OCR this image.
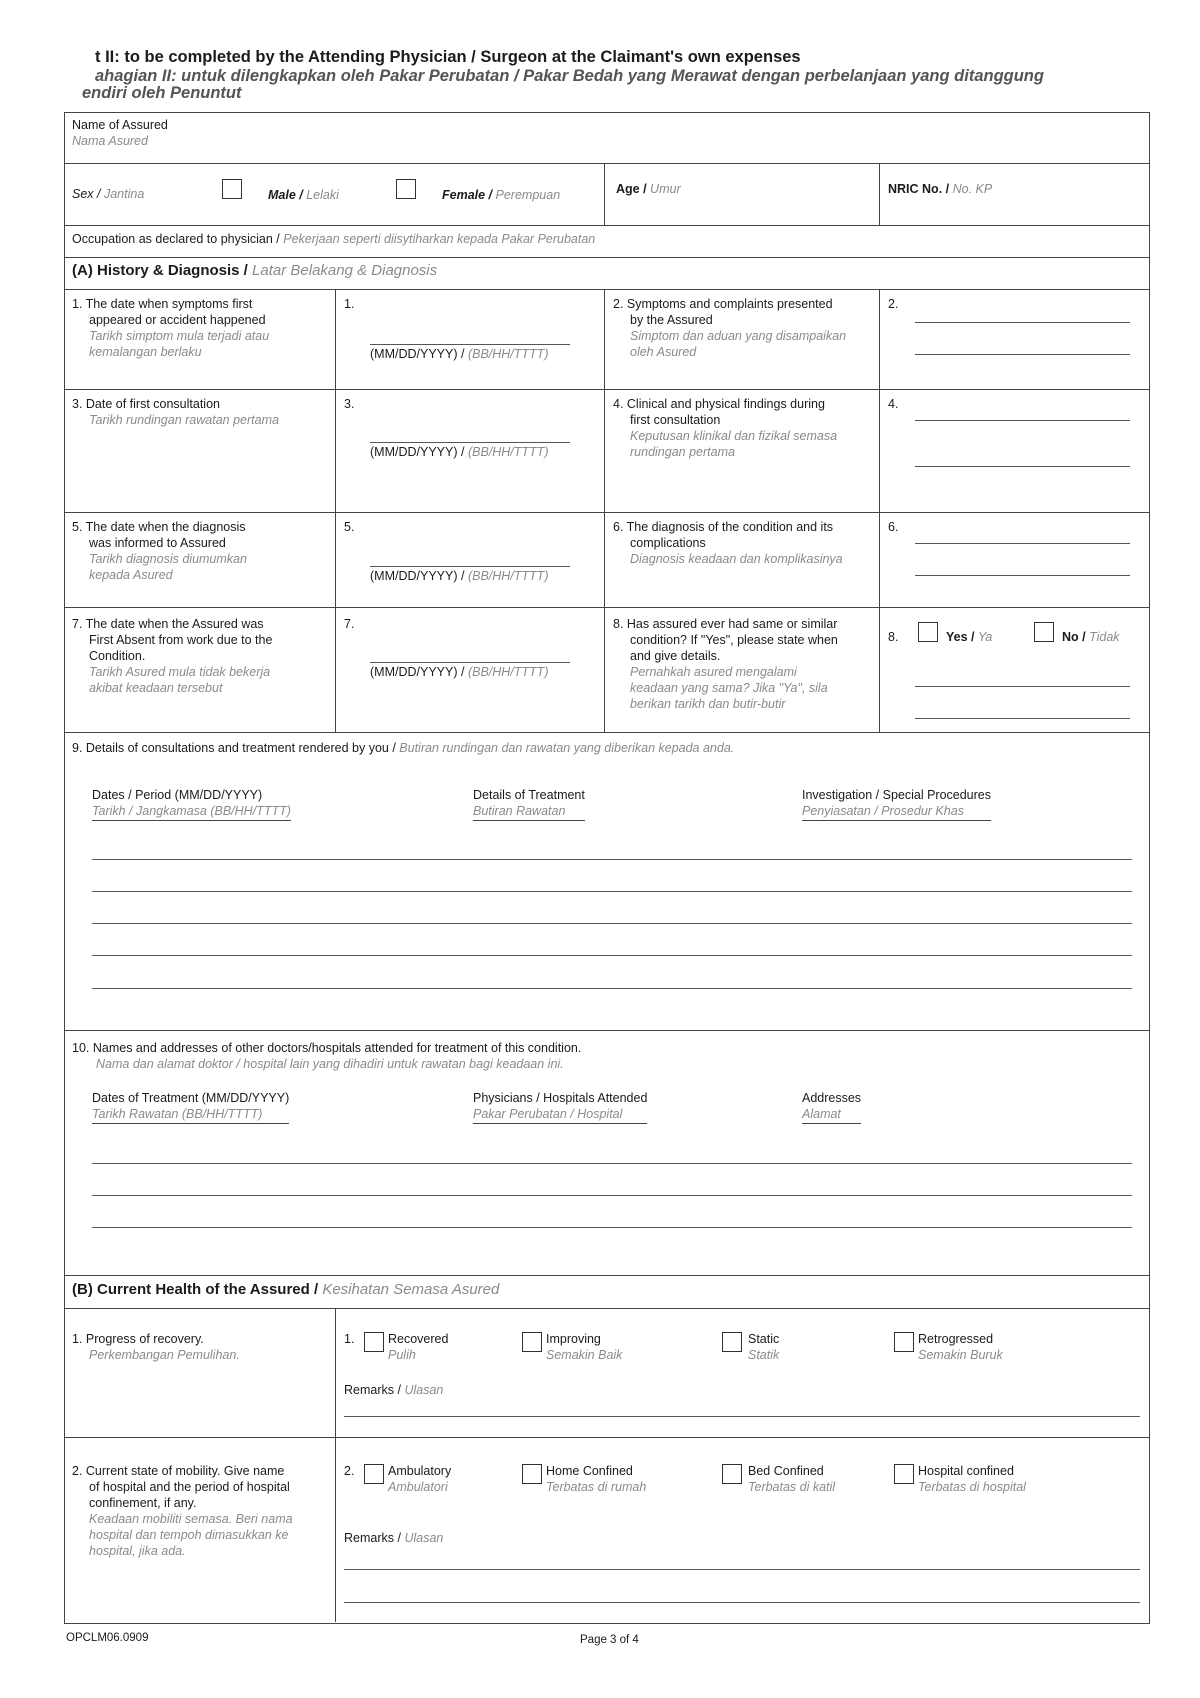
t II: to be completed by the Attending Physician / Surgeon at the Claimant's own expenses
ahagian II: untuk dilengkapkan oleh Pakar Perubatan / Pakar Bedah yang Merawat dengan perbelanjaan yang ditanggung
endiri oleh Penuntut
Name of Assured
Nama Asured
Sex / Jantina	Male / Lelaki	Female / Perempuan	Age / Umur	NRIC No. / No. KP
Occupation as declared to physician / Pekerjaan seperti diisytiharkan kepada Pakar Perubatan
(A) History & Diagnosis / Latar Belakang & Diagnosis
1. The date when symptoms first
appeared or accident happened
Tarikh simptom mula terjadi atau
kemalangan berlaku
1.
(MM/DD/YYYY) / (BB/HH/TTTT)
2. Symptoms and complaints presented
by the Assured
Simptom dan aduan yang disampaikan
oleh Asured
2.
3. Date of first consultation
Tarikh rundingan rawatan pertama
3.
(MM/DD/YYYY) / (BB/HH/TTTT)
4. Clinical and physical findings during
first consultation
Keputusan klinikal dan fizikal semasa
rundingan pertama
4.
5. The date when the diagnosis
was informed to Assured
Tarikh diagnosis diumumkan
kepada Asured
5.
(MM/DD/YYYY) / (BB/HH/TTTT)
6. The diagnosis of the condition and its
complications
Diagnosis keadaan dan komplikasinya
6.
7. The date when the Assured was
First Absent from work due to the
Condition.
Tarikh Asured mula tidak bekerja
akibat keadaan tersebut
7.
(MM/DD/YYYY) / (BB/HH/TTTT)
8. Has assured ever had same or similar
condition? If "Yes", please state when
and give details.
Pernahkah asured mengalami
keadaan yang sama? Jika "Ya", sila
berikan tarikh dan butir-butir
8.	Yes / Ya	No / Tidak
9. Details of consultations and treatment rendered by you / Butiran rundingan dan rawatan yang diberikan kepada anda.
Dates / Period (MM/DD/YYYY)
Tarikh / Jangkamasa (BB/HH/TTTT)
Details of Treatment
Butiran Rawatan
Investigation / Special Procedures
Penyiasatan / Prosedur Khas
10. Names and addresses of other doctors/hospitals attended for treatment of this condition.
Nama dan alamat doktor / hospital lain yang dihadiri untuk rawatan bagi keadaan ini.
Dates of Treatment (MM/DD/YYYY)
Tarikh Rawatan (BB/HH/TTTT)
Physicians / Hospitals Attended
Pakar Perubatan / Hospital
Addresses
Alamat
(B) Current Health of the Assured / Kesihatan Semasa Asured
1. Progress of recovery.
Perkembangan Pemulihan.
1.	Recovered
Pulih
Improving
Semakin Baik
Static
Statik
Retrogressed
Semakin Buruk
Remarks / Ulasan
2. Current state of mobility. Give name
of hospital and the period of hospital
confinement, if any.
Keadaan mobiliti semasa. Beri nama
hospital dan tempoh dimasukkan ke
hospital, jika ada.
2.	Ambulatory
Ambulatori
Home Confined
Terbatas di rumah
Bed Confined
Terbatas di katil
Hospital confined
Terbatas di hospital
Remarks / Ulasan
OPCLM06.0909	Page 3 of 4
